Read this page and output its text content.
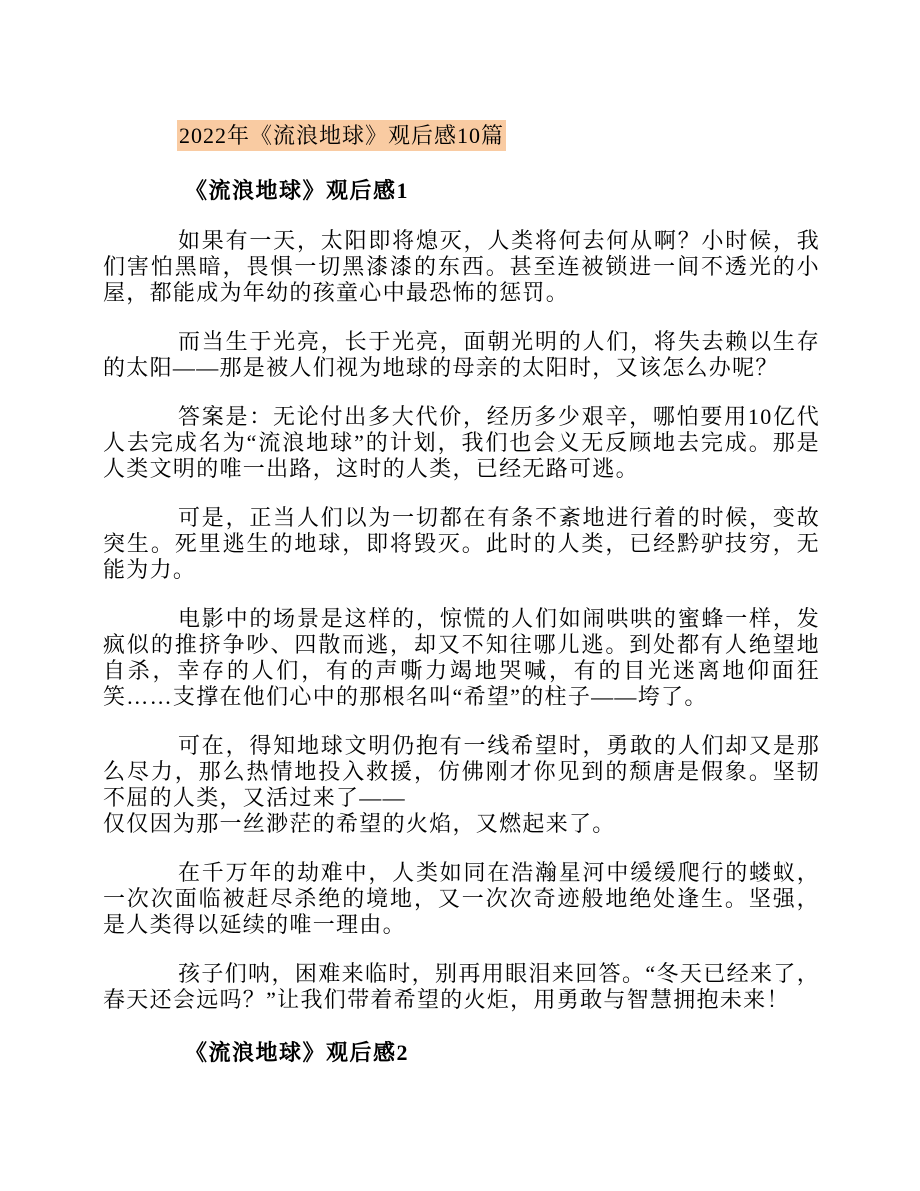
2022年《流浪地球》观后感10篇
《流浪地球》观后感1

如果有一天，太阳即将熄灭，人类将何去何从啊？小时候，我们害怕黑暗，畏惧一切黑漆漆的东西。甚至连被锁进一间不透光的小屋，都能成为年幼的孩童心中最恐怖的惩罚。

而当生于光亮，长于光亮，面朝光明的人们，将失去赖以生存的太阳——那是被人们视为地球的母亲的太阳时，又该怎么办呢？

答案是：无论付出多大代价，经历多少艰辛，哪怕要用10亿代人去完成名为“流浪地球”的计划，我们也会义无反顾地去完成。那是人类文明的唯一出路，这时的人类，已经无路可逃。

可是，正当人们以为一切都在有条不紊地进行着的时候，变故突生。死里逃生的地球，即将毁灭。此时的人类，已经黔驴技穷，无能为力。

电影中的场景是这样的，惊慌的人们如闹哄哄的蜜蜂一样，发疯似的推挤争吵、四散而逃，却又不知往哪儿逃。到处都有人绝望地自杀，幸存的人们，有的声嘶力竭地哭喊，有的目光迷离地仰面狂笑……支撑在他们心中的那根名叫“希望”的柱子——垮了。

可在，得知地球文明仍抱有一线希望时，勇敢的人们却又是那么尽力，那么热情地投入救援，仿佛刚才你见到的颓唐是假象。坚韧不屈的人类，又活过来了——

仅仅因为那一丝渺茫的希望的火焰，又燃起来了。

在千万年的劫难中，人类如同在浩瀚星河中缓缓爬行的蝼蚁，一次次面临被赶尽杀绝的境地，又一次次奇迹般地绝处逢生。坚强，是人类得以延续的唯一理由。

孩子们呐，困难来临时，别再用眼泪来回答。“冬天已经来了，春天还会远吗？”让我们带着希望的火炬，用勇敢与智慧拥抱未来！

《流浪地球》观后感2
